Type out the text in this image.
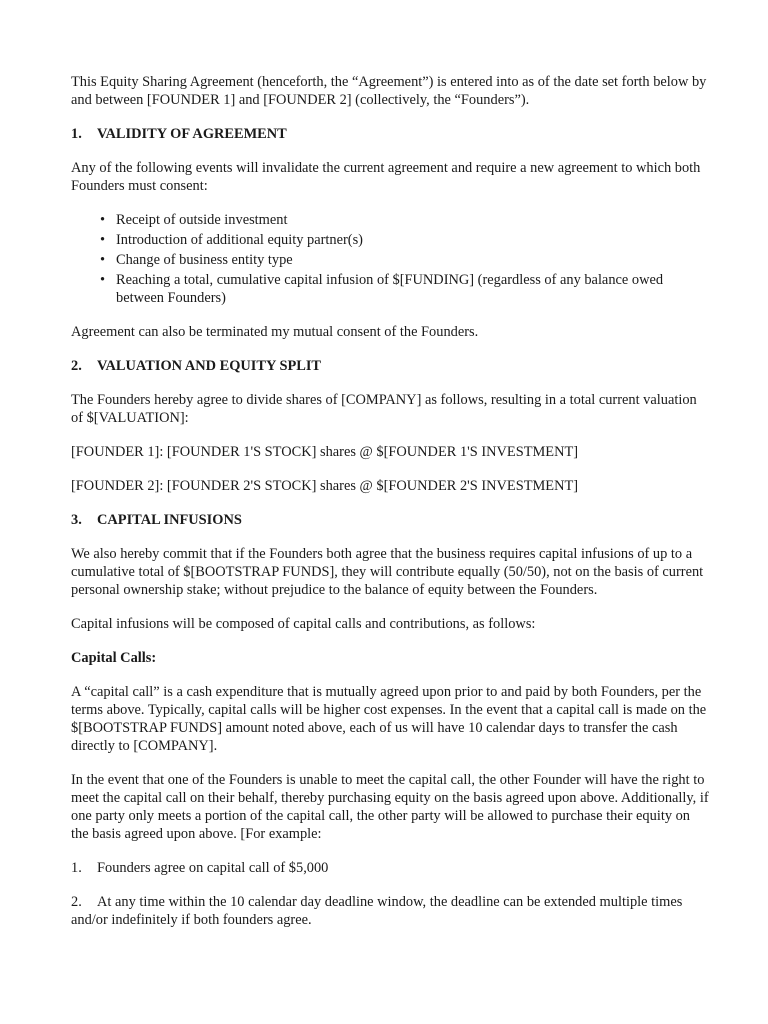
This Equity Sharing Agreement (henceforth, the “Agreement”) is entered into as of the date set forth below by and between [FOUNDER 1] and [FOUNDER 2] (collectively, the “Founders”).

1.	VALIDITY OF AGREEMENT

Any of the following events will invalidate the current agreement and require a new agreement to which both Founders must consent:

• Receipt of outside investment
• Introduction of additional equity partner(s)
• Change of business entity type
• Reaching a total, cumulative capital infusion of $[FUNDING] (regardless of any balance owed between Founders)

Agreement can also be terminated my mutual consent of the Founders.

2.	VALUATION AND EQUITY SPLIT

The Founders hereby agree to divide shares of [COMPANY] as follows, resulting in a total current valuation of $[VALUATION]:

[FOUNDER 1]: [FOUNDER 1'S STOCK] shares @ $[FOUNDER 1'S INVESTMENT]

[FOUNDER 2]: [FOUNDER 2'S STOCK] shares @ $[FOUNDER 2'S INVESTMENT]

3.	CAPITAL INFUSIONS

We also hereby commit that if the Founders both agree that the business requires capital infusions of up to a cumulative total of $[BOOTSTRAP FUNDS], they will contribute equally (50/50), not on the basis of current personal ownership stake; without prejudice to the balance of equity between the Founders.

Capital infusions will be composed of capital calls and contributions, as follows:

Capital Calls:

A “capital call” is a cash expenditure that is mutually agreed upon prior to and paid by both Founders, per the terms above. Typically, capital calls will be higher cost expenses. In the event that a capital call is made on the $[BOOTSTRAP FUNDS] amount noted above, each of us will have 10 calendar days to transfer the cash directly to [COMPANY].

In the event that one of the Founders is unable to meet the capital call, the other Founder will have the right to meet the capital call on their behalf, thereby purchasing equity on the basis agreed upon above. Additionally, if one party only meets a portion of the capital call, the other party will be allowed to purchase their equity on the basis agreed upon above. [For example:

1. Founders agree on capital call of $5,000

2. At any time within the 10 calendar day deadline window, the deadline can be extended multiple times and/or indefinitely if both founders agree.
